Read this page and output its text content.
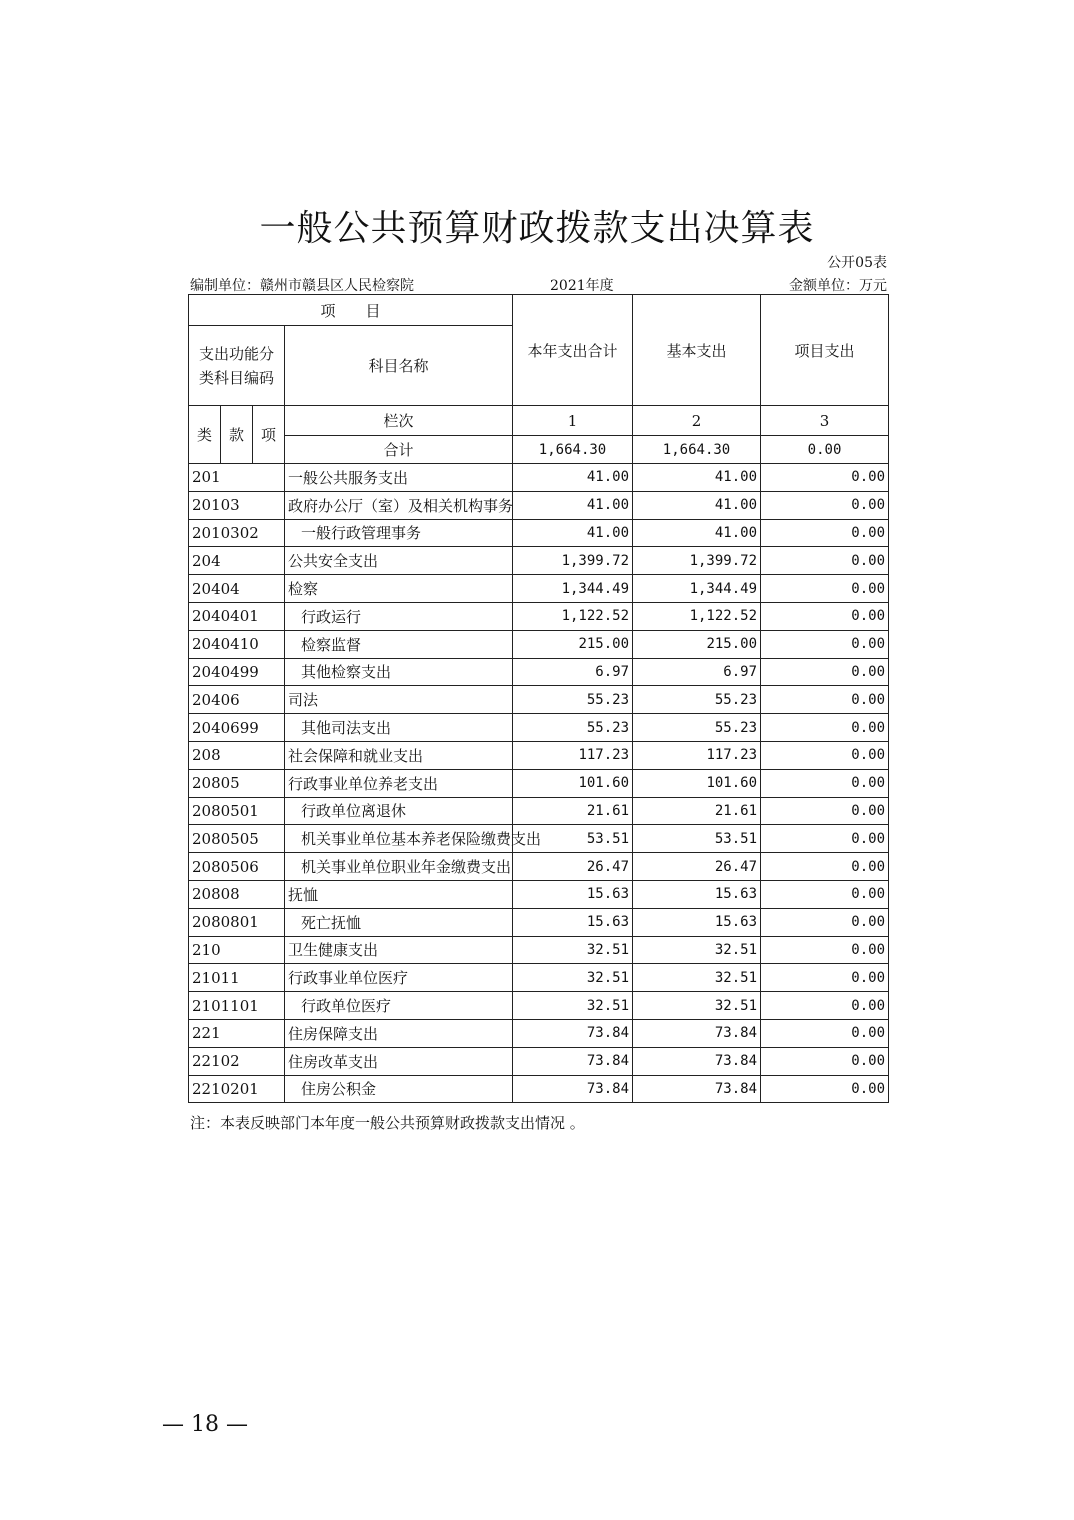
一般公共预算财政拨款支出决算表
公开05表
编制单位：赣州市赣县区人民检察院	2021年度	金额单位：万元
项　　目				本年支出合计	基本支出	项目支出
支出功能分类科目编码			科目名称			
类	款	项	栏次	1	2	3
			合计	1,664.30	1,664.30	0.00
201			一般公共服务支出	41.00	41.00	0.00
20103			政府办公厅（室）及相关机构事务	41.00	41.00	0.00
2010302			一般行政管理事务	41.00	41.00	0.00
204			公共安全支出	1,399.72	1,399.72	0.00
20404			检察	1,344.49	1,344.49	0.00
2040401			行政运行	1,122.52	1,122.52	0.00
2040410			检察监督	215.00	215.00	0.00
2040499			其他检察支出	6.97	6.97	0.00
20406			司法	55.23	55.23	0.00
2040699			其他司法支出	55.23	55.23	0.00
208			社会保障和就业支出	117.23	117.23	0.00
20805			行政事业单位养老支出	101.60	101.60	0.00
2080501			行政单位离退休	21.61	21.61	0.00
2080505			机关事业单位基本养老保险缴费支出	53.51	53.51	0.00
2080506			机关事业单位职业年金缴费支出	26.47	26.47	0.00
20808			抚恤	15.63	15.63	0.00
2080801			死亡抚恤	15.63	15.63	0.00
210			卫生健康支出	32.51	32.51	0.00
21011			行政事业单位医疗	32.51	32.51	0.00
2101101			行政单位医疗	32.51	32.51	0.00
221			住房保障支出	73.84	73.84	0.00
22102			住房改革支出	73.84	73.84	0.00
2210201			住房公积金	73.84	73.84	0.00
注：本表反映部门本年度一般公共预算财政拨款支出情况 。
— 18 —
